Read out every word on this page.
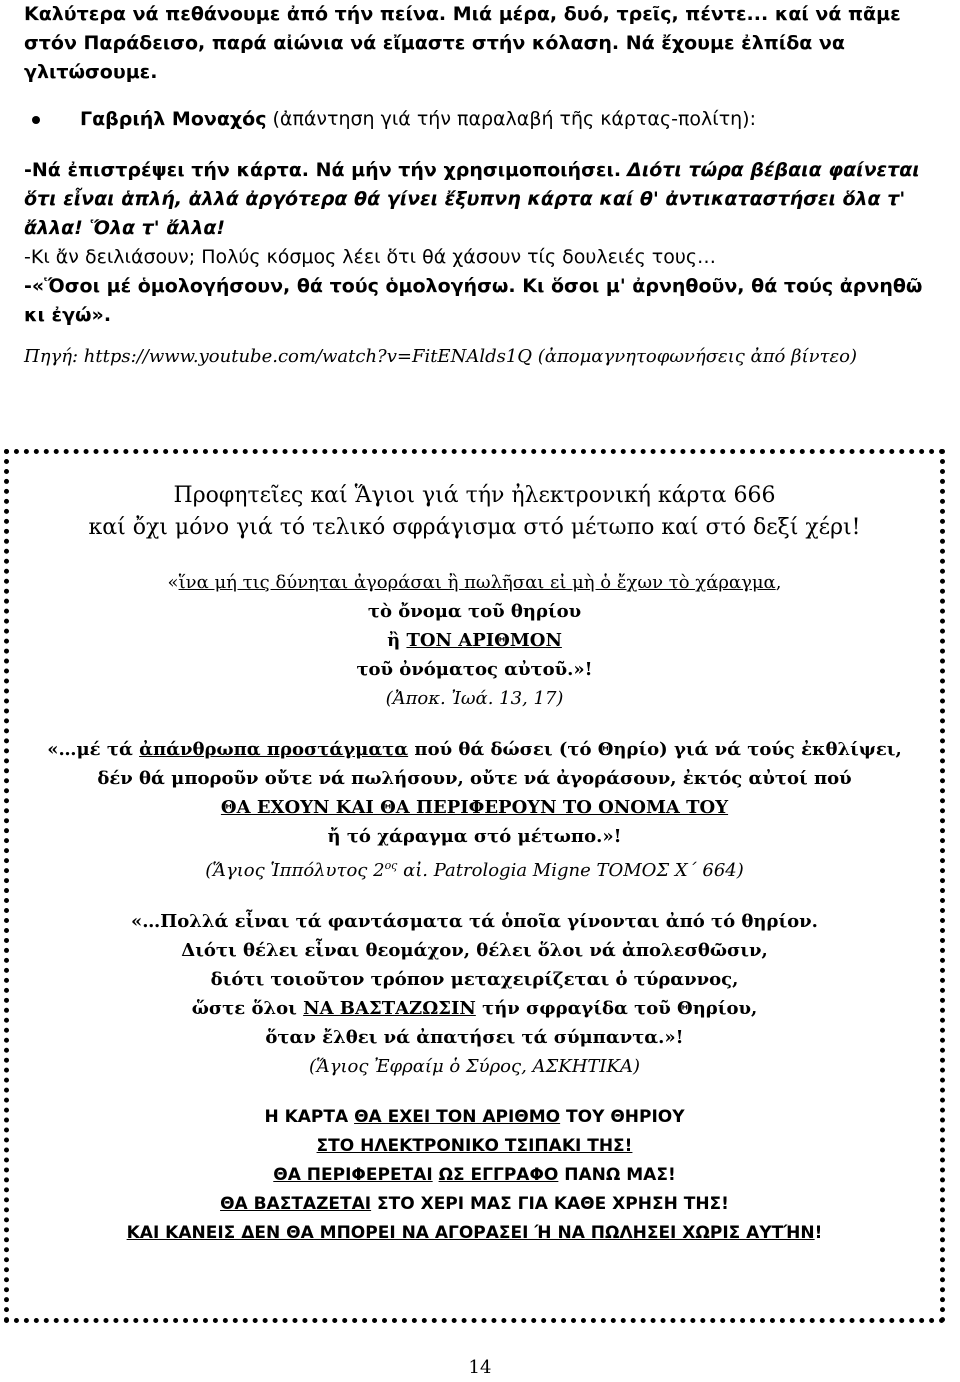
Καλύτερα νά πεθάνουμε ἀπό τήν πείνα. Μιά μέρα, δυό, τρεῖς, πέντε... καί νά πᾶμε στόν Παράδεισο, παρά αἰώνια νά εἴμαστε στήν κόλαση. Νά ἔχουμε ἐλπίδα να γλιτώσουμε.

Γαβριήλ Μοναχός (ἀπάντηση γιά τήν παραλαβή τῆς κάρτας-πολίτη):

-Νά ἐπιστρέψει τήν κάρτα. Νά μήν τήν χρησιμοποιήσει. Διότι τώρα βέβαια φαίνεται ὅτι εἶναι ἁπλή, ἀλλά ἀργότερα θά γίνει ἔξυπνη κάρτα καί θ' ἀντικαταστήσει ὅλα τ' ἄλλα! Ὅλα τ' ἄλλα!

-Κι ἄν δειλιάσουν; Πολύς κόσμος λέει ὅτι θά χάσουν τίς δουλειές τους…

-«Ὅσοι μέ ὁμολογήσουν, θά τούς ὁμολογήσω. Κι ὅσοι μ' ἀρνηθοῦν, θά τούς ἀρνηθῶ κι ἐγώ».

Πηγή: https://www.youtube.com/watch?v=FitENAlds1Q (ἀπομαγνητοφωνήσεις ἀπό βίντεο)

Προφητεῖες καί Ἅγιοι γιά τήν ἠλεκτρονική κάρτα 666

καί ὄχι μόνο γιά τό τελικό σφράγισμα στό μέτωπο καί στό δεξί χέρι!

«ἵνα μή τις δύνηται ἀγοράσαι ἢ πωλῆσαι εἰ μὴ ὁ ἔχων τὸ χάραγμα,

τὸ ὄνομα τοῦ θηρίου

ἢ ΤΟΝ ΑΡΙΘΜΟΝ

τοῦ ὀνόματος αὐτοῦ.»!

(Ἀποκ. Ἰωά. 13, 17)

«…μέ τά ἀπάνθρωπα προστάγματα πού θά δώσει (τό Θηρίο) γιά νά τούς ἐκθλίψει,

δέν θά μποροῦν οὔτε νά πωλήσουν, οὔτε νά ἀγοράσουν, ἐκτός αὐτοί πού

ΘΑ ΕΧΟΥΝ ΚΑΙ ΘΑ ΠΕΡΙΦΕΡΟΥΝ ΤΟ ΟΝΟΜΑ ΤΟΥ

ἤ τό χάραγμα στό μέτωπο.»!

(Ἅγιος Ἱππόλυτος $2^{o\varsigma}$ αἰ. Patrologia Migne ΤΟΜΟΣ Χ΄ 664)

«…Πολλά εἶναι τά φαντάσματα τά ὁποῖα γίνονται ἀπό τό θηρίον.

Διότι θέλει εἶναι θεομάχον, θέλει ὅλοι νά ἀπολεσθῶσιν,

διότι τοιοῦτον τρόπον μεταχειρίζεται ὁ τύραννος,

ὥστε ὅλοι ΝΑ ΒΑΣΤΑΖΩΣΙΝ τήν σφραγίδα τοῦ Θηρίου,

ὅταν ἔλθει νά ἀπατήσει τά σύμπαντα.»!

(Ἅγιος Ἐφραίμ ὁ Σύρος, ΑΣΚΗΤΙΚΑ)

Η ΚΑΡΤΑ ΘΑ ΕΧΕΙ ΤΟΝ ΑΡΙΘΜΟ ΤΟΥ ΘΗΡΙΟΥ

ΣΤΟ ΗΛΕΚΤΡΟΝΙΚΟ ΤΣΙΠΑΚΙ ΤΗΣ!

ΘΑ ΠΕΡΙΦΕΡΕΤΑΙ ΩΣ ΕΓΓΡΑΦΟ ΠΑΝΩ ΜΑΣ!

ΘΑ ΒΑΣΤΑΖΕΤΑΙ ΣΤΟ ΧΕΡΙ ΜΑΣ ΓΙΑ ΚΑΘΕ ΧΡΗΣΗ ΤΗΣ!

ΚΑΙ ΚΑΝΕΙΣ ΔΕΝ ΘΑ ΜΠΟΡΕΙ ΝΑ ΑΓΟΡΑΣΕΙ Ή ΝΑ ΠΩΛΗΣΕΙ ΧΩΡΙΣ ΑΥΤΉΝ!

14
